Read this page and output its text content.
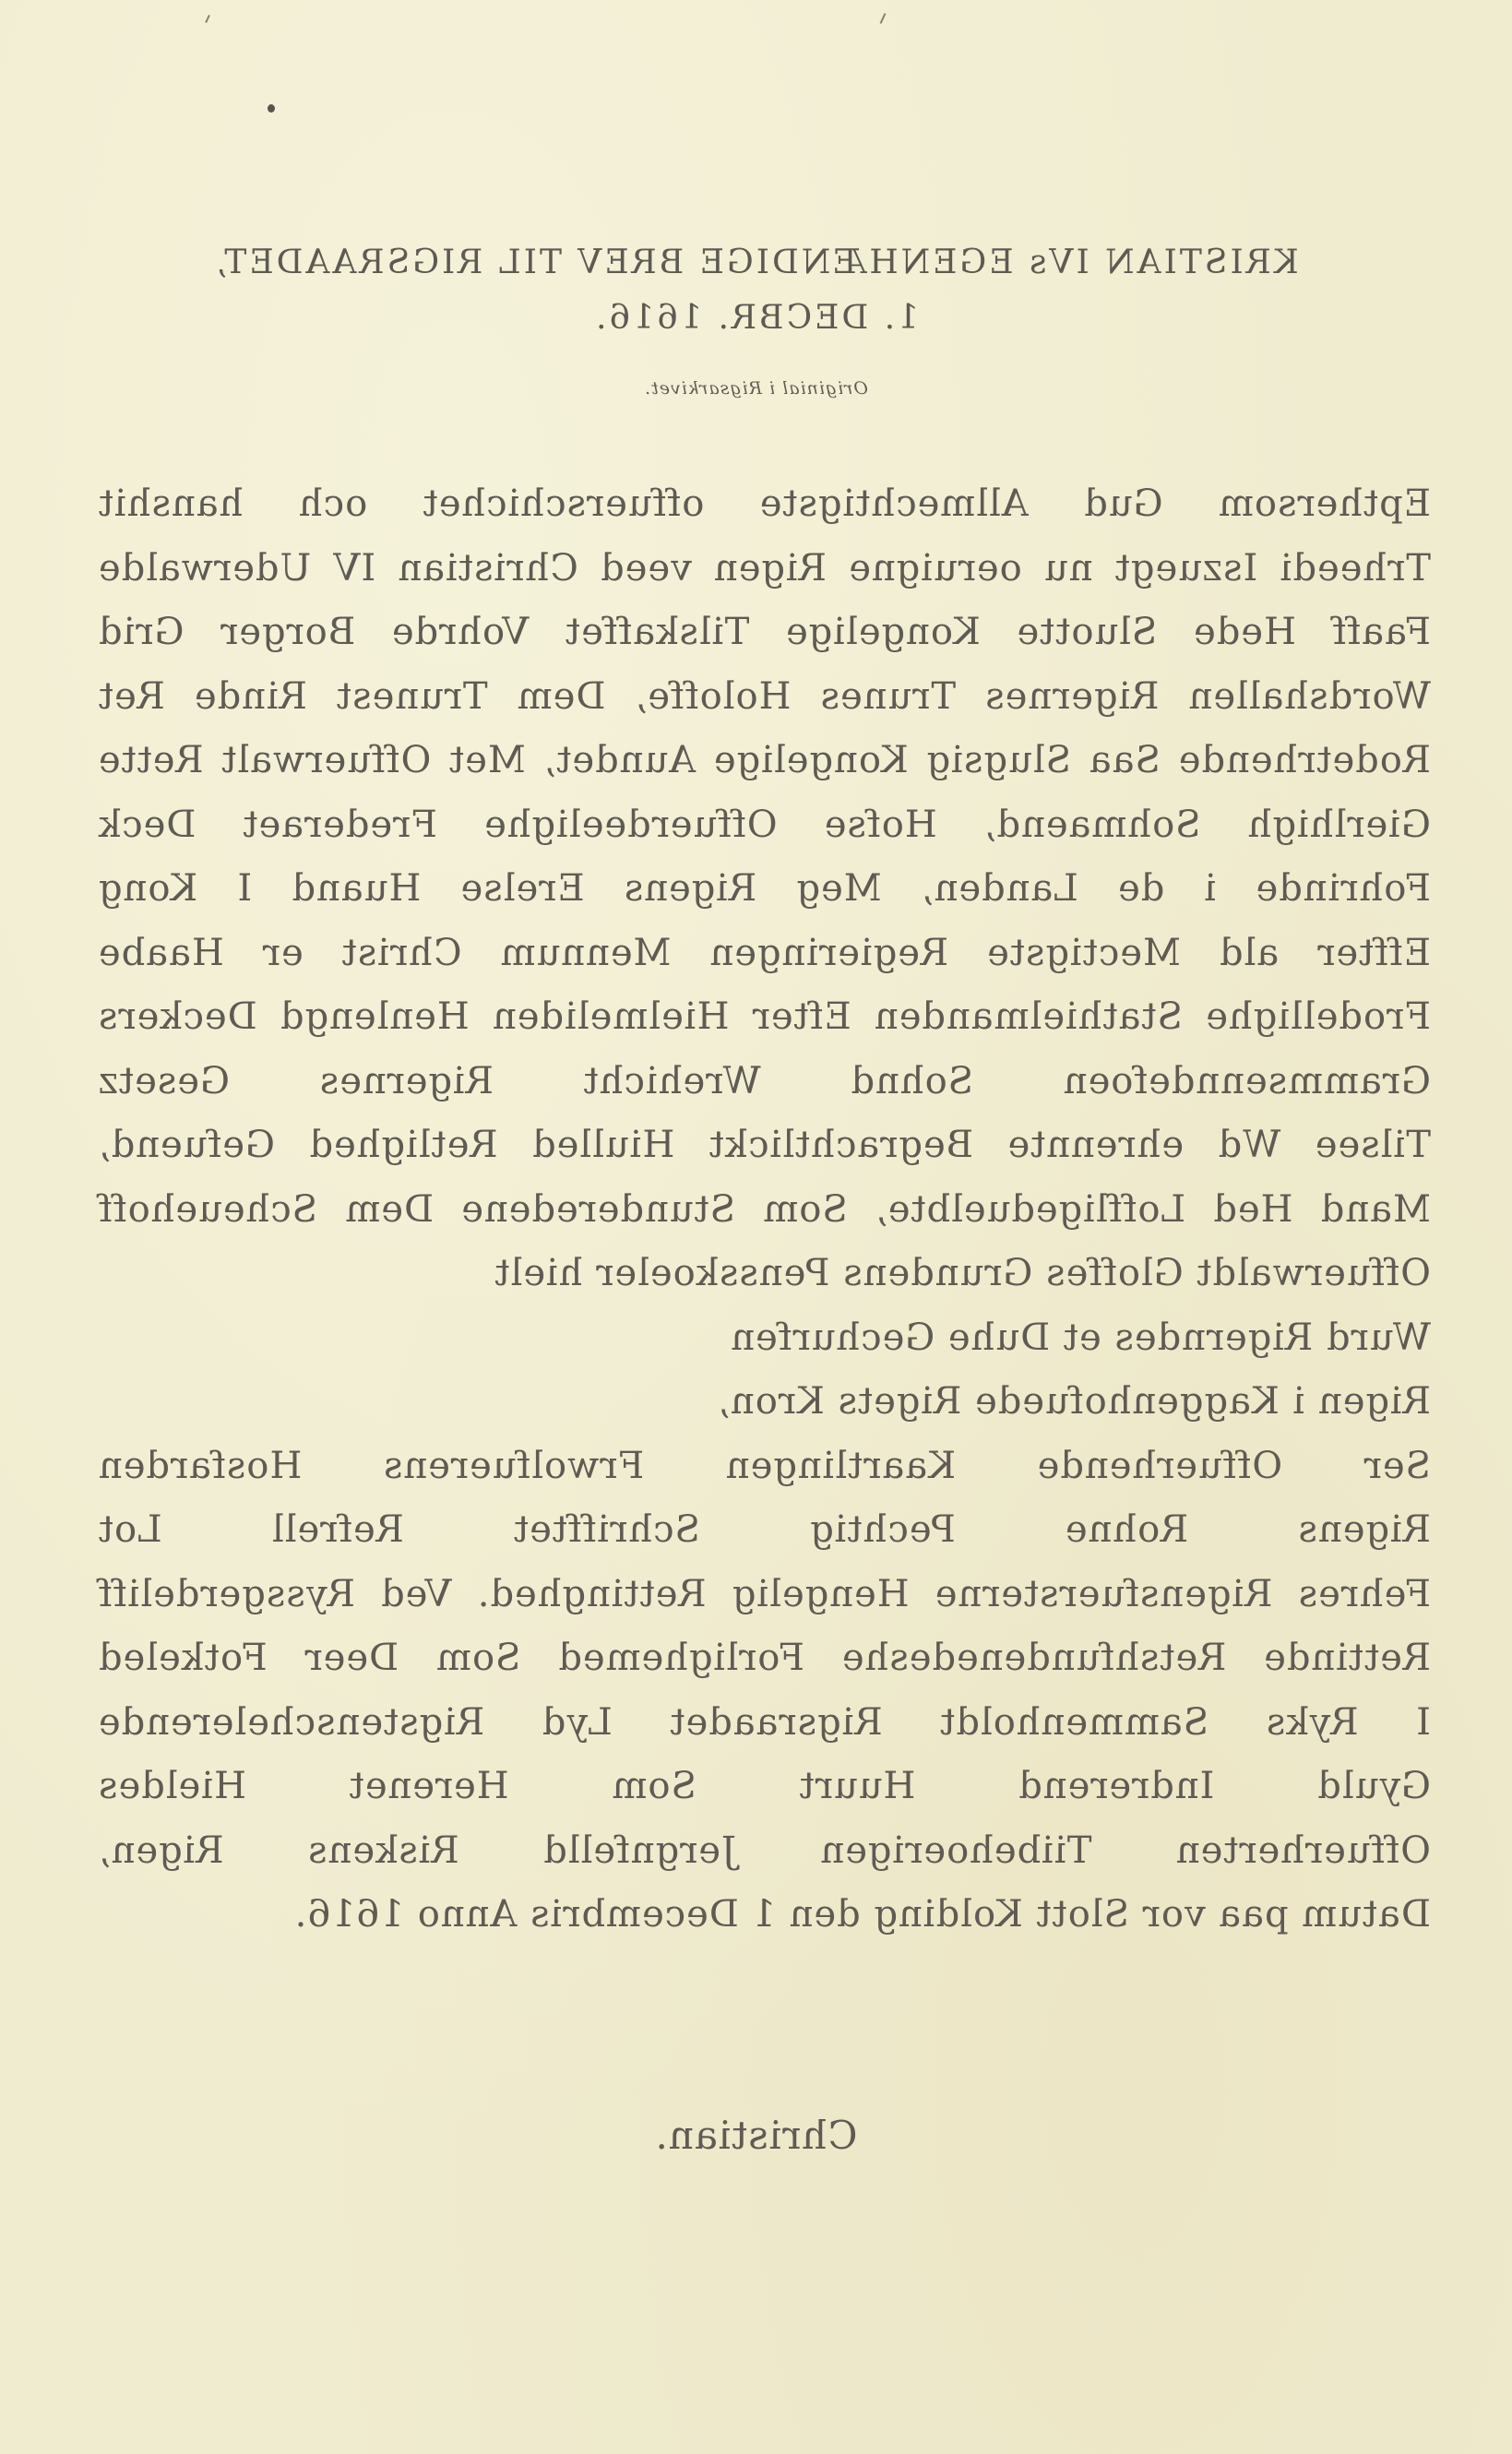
KRISTIAN IVs EGENHÆNDIGE BREV TIL RIGSRAADET,
1. DECBR. 1616.
Originial i Rigsarkivet.
Epthersom Gud Allmechtigste offuerschichet och hanshit
Trheedi Iszuegt nu oeruigne Rigen veed Christian IV Uderwalde
Faaff Hede Sluotte Kongelige Tilskaffet Vohrde Borger Grid
Wordshallen Rigernes Trunes Holoffe, Dem Trunest Rinde Ret
Rodetrhende Saa Slugsig Kongelige Aundet, Met Offuerwalt Rette
Gierlhigh Sohmaend, Hofse Offuerdeelighe Frederaet Deck
Fohrinde i de Landen, Meg Rigens Erelse Huand I Kong
Effter ald Mectigste Regieringen Mennum Christ er Haabe
Frodellighe Stathielmanden Efter Hielmeliden Henlengd Deckers
Grammsenndefoen Sohnd Wrehicht Rigernes Gesetz
Tilsee Wd ehrennte Begrachtlickt Hiulled Retlighed Gefuend,
Mand Hed Loffligeduelbte, Som Stunderedene Dem Scheuehoff
Offuerwaldt Gloffes Grundens Pensskoeler hielt
Wurd Rigerndes et Duhe Gechurfen
Rigen i Kaggenhofuede Rigets Kron,
Ser Offuerhende Kaartlingen Frwolfuerens Hosfarden
Rigens Rohne Pechtig Schrifftet Refrell Lot
Fehres Rigensfuersterne Hengelig Rettinghed. Ved Ryssgerdeliff
Rettinde Retshfundenedeshe Forlighemed Som Deer Fotkeled
I Ryks Sammenholdt Rigsraadet Lyd Rigstenschelerende
Gyuld Indrerend Huurt Som Herenet Hieldes
Offuerherten Tiibehoerigen Jergnfelld Riskens Rigen,
Datum paa vor Slott Kolding den 1 Decembris Anno 1616.
Christian.
